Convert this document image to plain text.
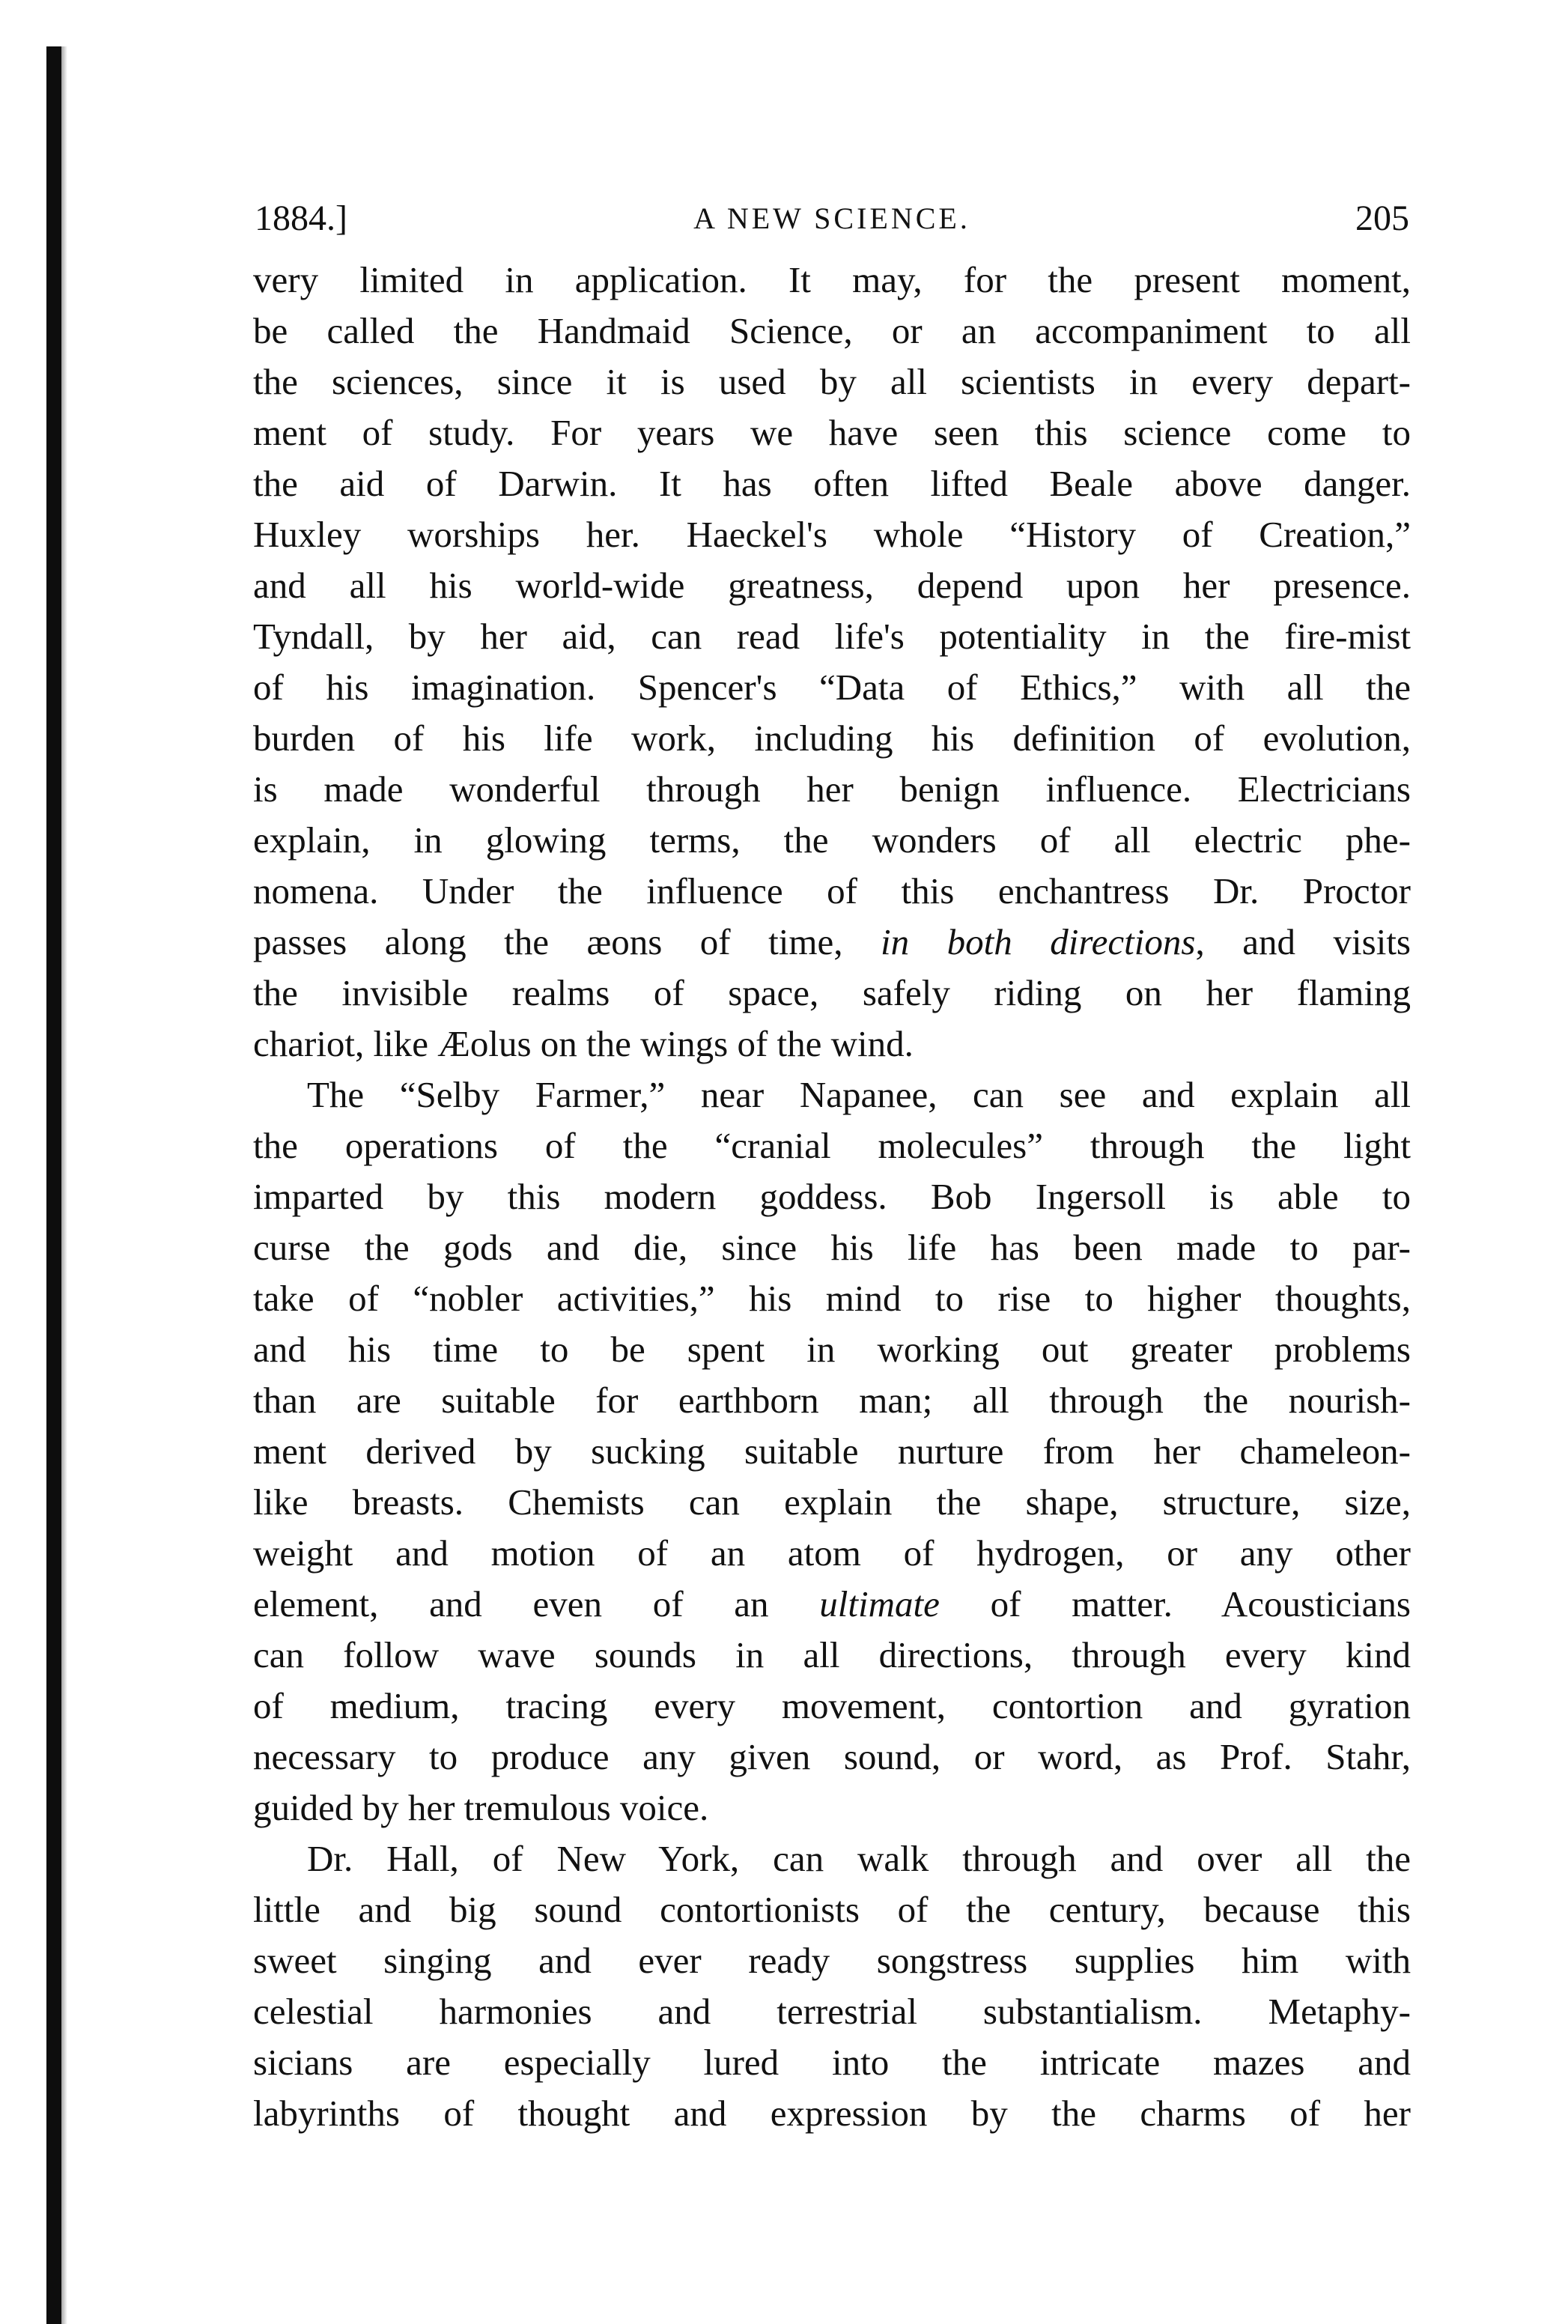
1884.]	A NEW SCIENCE.	205

very limited in application. It may, for the present moment,

be called the Handmaid Science, or an accompaniment to all

the sciences, since it is used by all scientists in every depart-

ment of study. For years we have seen this science come to

the aid of Darwin. It has often lifted Beale above danger.

Huxley worships her. Haeckel's whole “History of Creation,”

and all his world-wide greatness, depend upon her presence.

Tyndall, by her aid, can read life's potentiality in the fire-mist

of his imagination. Spencer's “Data of Ethics,” with all the

burden of his life work, including his definition of evolution,

is made wonderful through her benign influence. Electricians

explain, in glowing terms, the wonders of all electric phe-

nomena. Under the influence of this enchantress Dr. Proctor

passes along the æons of time, in both directions, and visits

the invisible realms of space, safely riding on her flaming

chariot, like Æolus on the wings of the wind.

The “Selby Farmer,” near Napanee, can see and explain all

the operations of the “cranial molecules” through the light

imparted by this modern goddess. Bob Ingersoll is able to

curse the gods and die, since his life has been made to par-

take of “nobler activities,” his mind to rise to higher thoughts,

and his time to be spent in working out greater problems

than are suitable for earthborn man; all through the nourish-

ment derived by sucking suitable nurture from her chameleon-

like breasts. Chemists can explain the shape, structure, size,

weight and motion of an atom of hydrogen, or any other

element, and even of an ultimate of matter. Acousticians

can follow wave sounds in all directions, through every kind

of medium, tracing every movement, contortion and gyration

necessary to produce any given sound, or word, as Prof. Stahr,

guided by her tremulous voice.

Dr. Hall, of New York, can walk through and over all the

little and big sound contortionists of the century, because this

sweet singing and ever ready songstress supplies him with

celestial harmonies and terrestrial substantialism. Metaphy-

sicians are especially lured into the intricate mazes and

labyrinths of thought and expression by the charms of her
